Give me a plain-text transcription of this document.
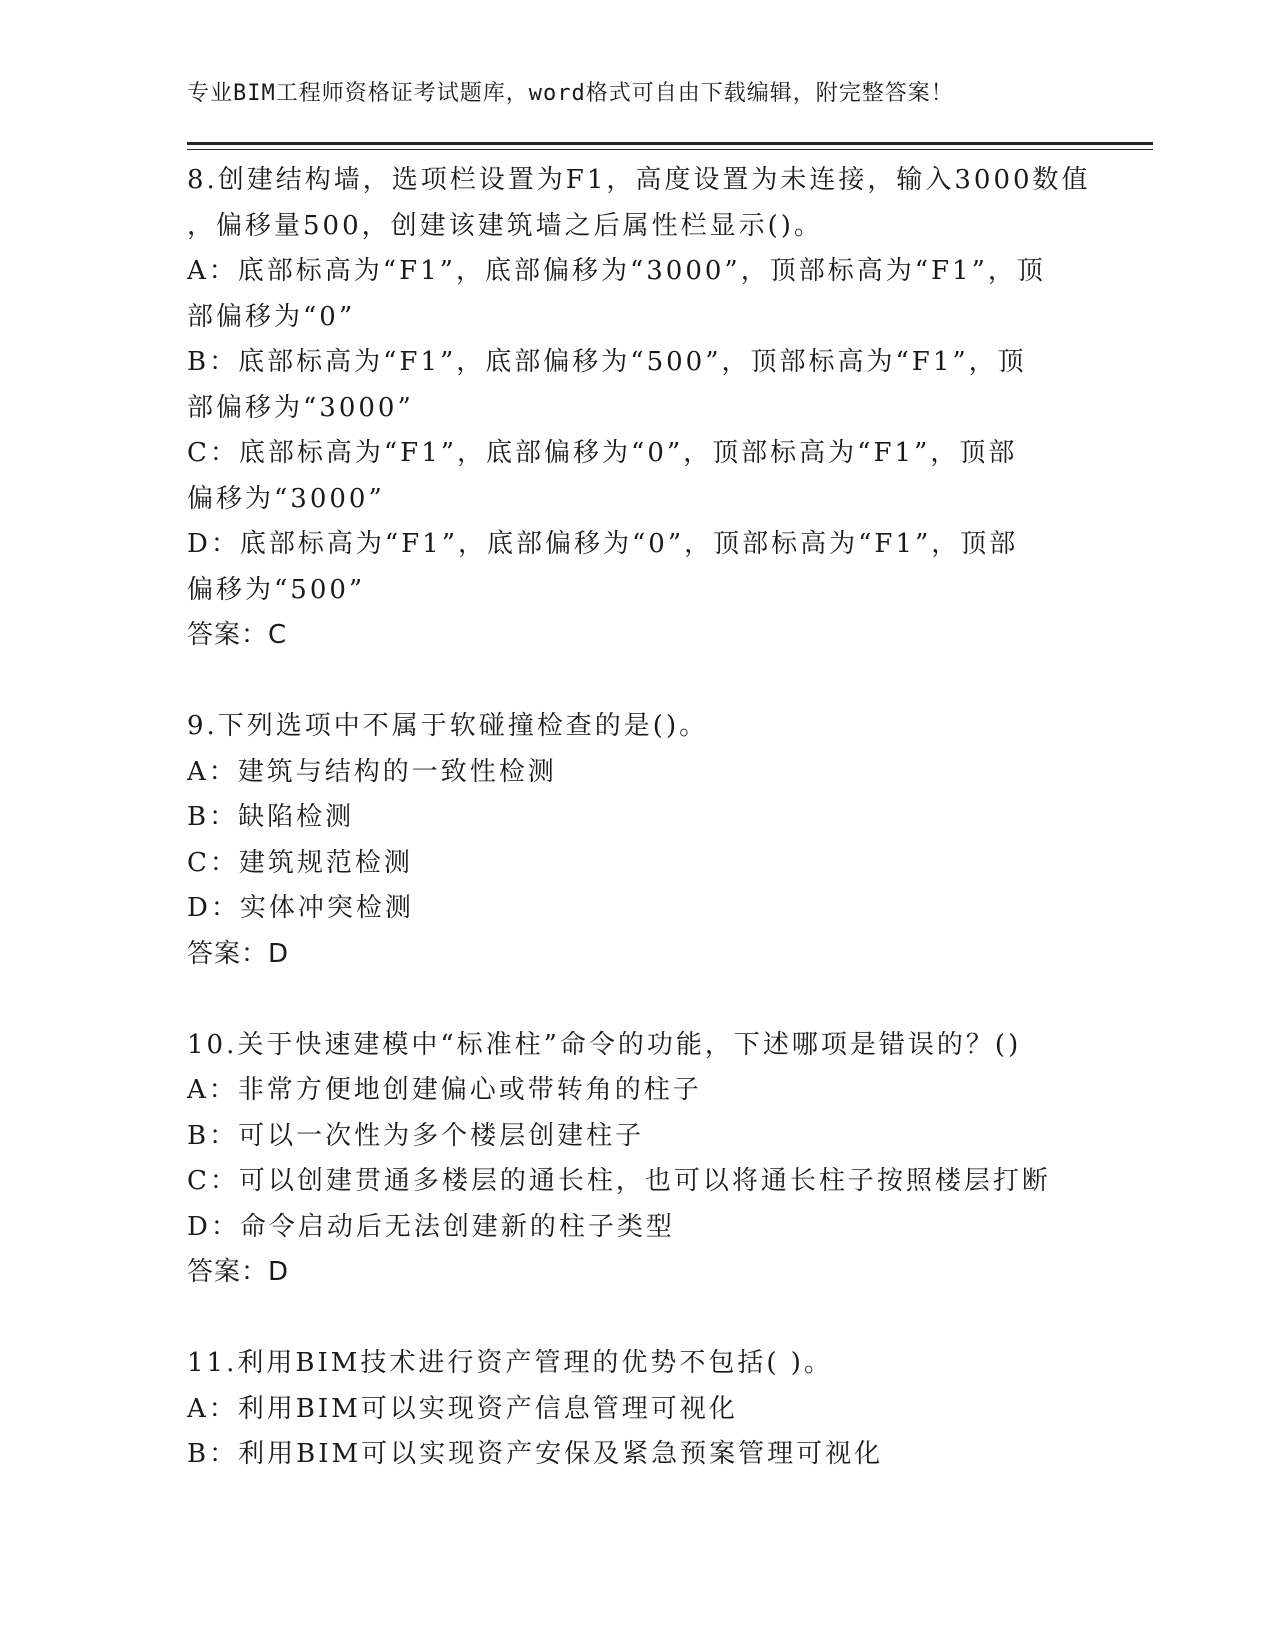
专业BIM工程师资格证考试题库，word格式可自由下载编辑，附完整答案！
8.创建结构墙，选项栏设置为F1，高度设置为未连接，输入3000数值
，偏移量500，创建该建筑墙之后属性栏显示()。
A：底部标高为“F1”，底部偏移为“3000”，顶部标高为“F1”，顶
部偏移为“0”
B：底部标高为“F1”，底部偏移为“500”，顶部标高为“F1”，顶
部偏移为“3000”
C：底部标高为“F1”，底部偏移为“0”，顶部标高为“F1”，顶部
偏移为“3000”
D：底部标高为“F1”，底部偏移为“0”，顶部标高为“F1”，顶部
偏移为“500”
答案：C
9.下列选项中不属于软碰撞检查的是()。
A：建筑与结构的一致性检测
B：缺陷检测
C：建筑规范检测
D：实体冲突检测
答案：D
10.关于快速建模中“标准柱”命令的功能，下述哪项是错误的？()
A：非常方便地创建偏心或带转角的柱子
B：可以一次性为多个楼层创建柱子
C：可以创建贯通多楼层的通长柱，也可以将通长柱子按照楼层打断
D：命令启动后无法创建新的柱子类型
答案：D
11.利用BIM技术进行资产管理的优势不包括( )。
A：利用BIM可以实现资产信息管理可视化
B：利用BIM可以实现资产安保及紧急预案管理可视化
